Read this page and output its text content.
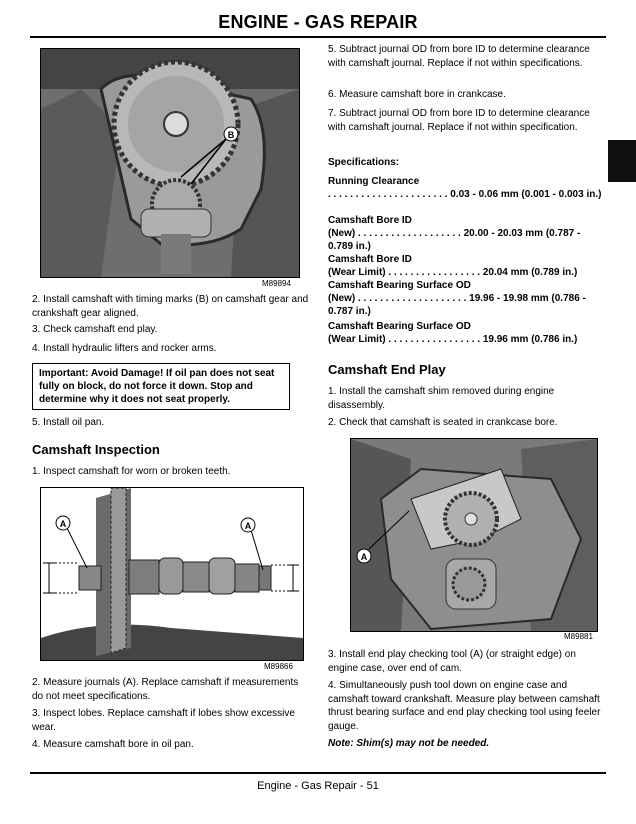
ENGINE - GAS REPAIR
B
M89894
2. Install camshaft with timing marks (B) on camshaft gear and crankshaft gear aligned.
3. Check camshaft end play.
4. Install hydraulic lifters and rocker arms.
Important: Avoid Damage! If oil pan does not seat fully on block, do not force it down. Stop and determine why it does not seat properly.
5. Install oil pan.
Camshaft Inspection
1. Inspect camshaft for worn or broken teeth.
A	A
M89866
2. Measure journals (A). Replace camshaft if measurements do not meet specifications.
3. Inspect lobes. Replace camshaft if lobes show excessive wear.
4. Measure camshaft bore in oil pan.
5. Subtract journal OD from bore ID to determine clearance with camshaft journal. Replace if not within specifications.
6. Measure camshaft bore in crankcase.
7. Subtract journal OD from bore ID to determine clearance with camshaft journal. Replace if not within specification.
Specifications:
Running Clearance
. . . . . . . . . . . . . . . . . . . . . . 0.03 - 0.06 mm (0.001 - 0.003 in.)
Camshaft Bore ID
(New) . . . . . . . . . . . . . . . . . . . 20.00 - 20.03 mm (0.787 - 0.789 in.)
Camshaft Bore ID
(Wear Limit) . . . . . . . . . . . . . . . . . 20.04 mm (0.789 in.)
Camshaft Bearing Surface OD
(New) . . . . . . . . . . . . . . . . . . . . 19.96 - 19.98 mm (0.786 - 0.787 in.)
Camshaft Bearing Surface OD
(Wear Limit) . . . . . . . . . . . . . . . . . 19.96 mm (0.786 in.)
Camshaft End Play
1. Install the camshaft shim removed during engine disassembly.
2. Check that camshaft is seated in crankcase bore.
A
M89881
3. Install end play checking tool (A) (or straight edge) on engine case, over end of cam.
4. Simultaneously push tool down on engine case and camshaft toward crankshaft. Measure play between camshaft thrust bearing surface and end play checking tool using feeler gauge.
Note: Shim(s) may not be needed.
Engine - Gas Repair - 51
